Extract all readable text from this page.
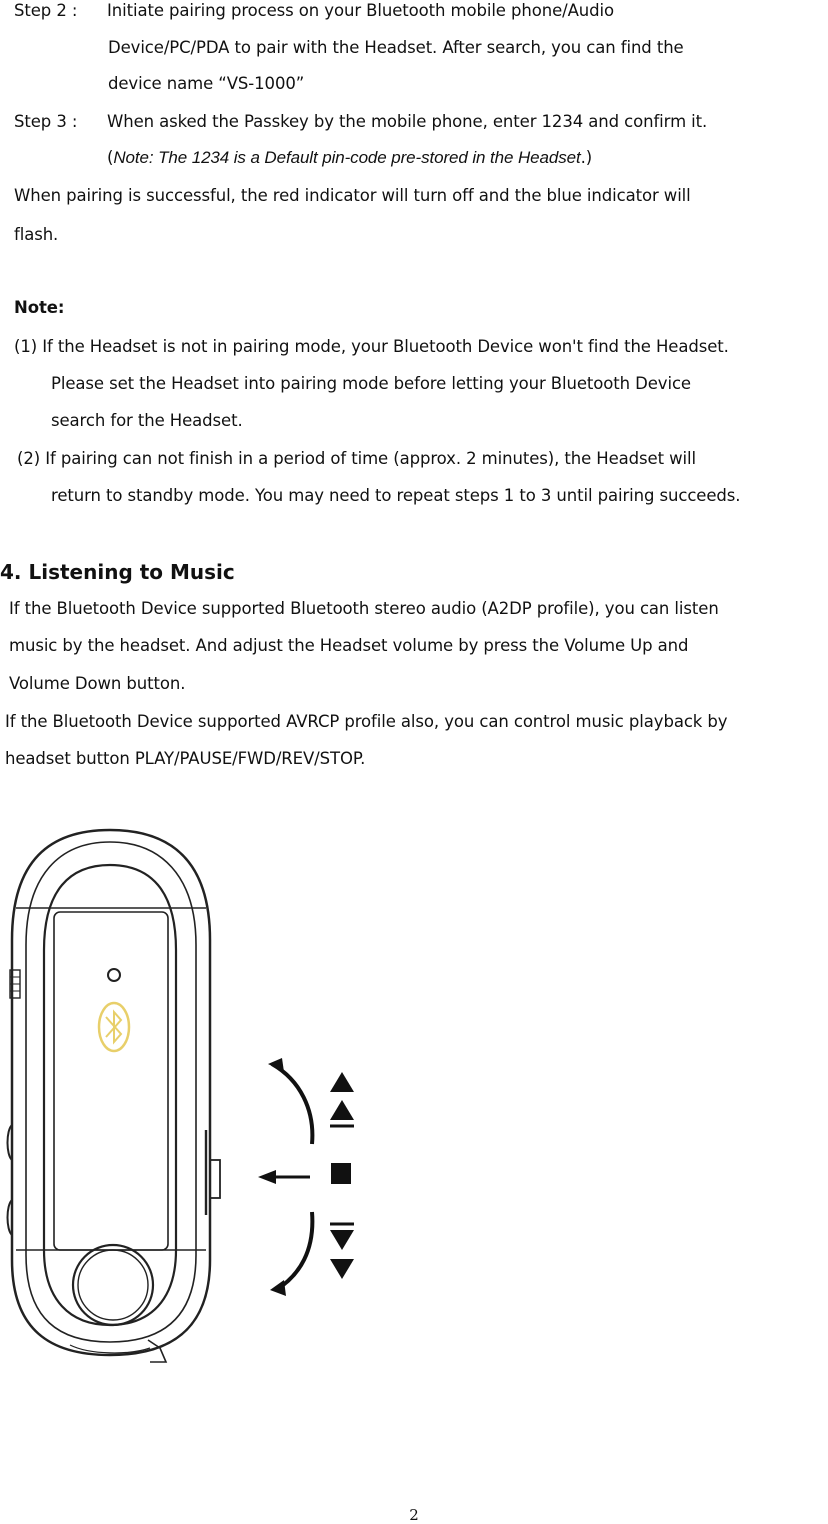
Step 2 : Initiate pairing process on your Bluetooth mobile phone/Audio
Device/PC/PDA to pair with the Headset. After search, you can find the
device name “VS-1000”
Step 3 : When asked the Passkey by the mobile phone, enter 1234 and confirm it.
(Note: The 1234 is a Default pin-code pre-stored in the Headset.)
When pairing is successful, the red indicator will turn off and the blue indicator will
flash.
Note:
(1) If the Headset is not in pairing mode, your Bluetooth Device won't find the Headset.
Please set the Headset into pairing mode before letting your Bluetooth Device
search for the Headset.
(2) If pairing can not finish in a period of time (approx. 2 minutes), the Headset will
return to standby mode. You may need to repeat steps 1 to 3 until pairing succeeds.
4. Listening to Music
If the Bluetooth Device supported Bluetooth stereo audio (A2DP profile), you can listen
music by the headset. And adjust the Headset volume by press the Volume Up and
Volume Down button.
If the Bluetooth Device supported AVRCP profile also, you can control music playback by
headset button PLAY/PAUSE/FWD/REV/STOP.
2
